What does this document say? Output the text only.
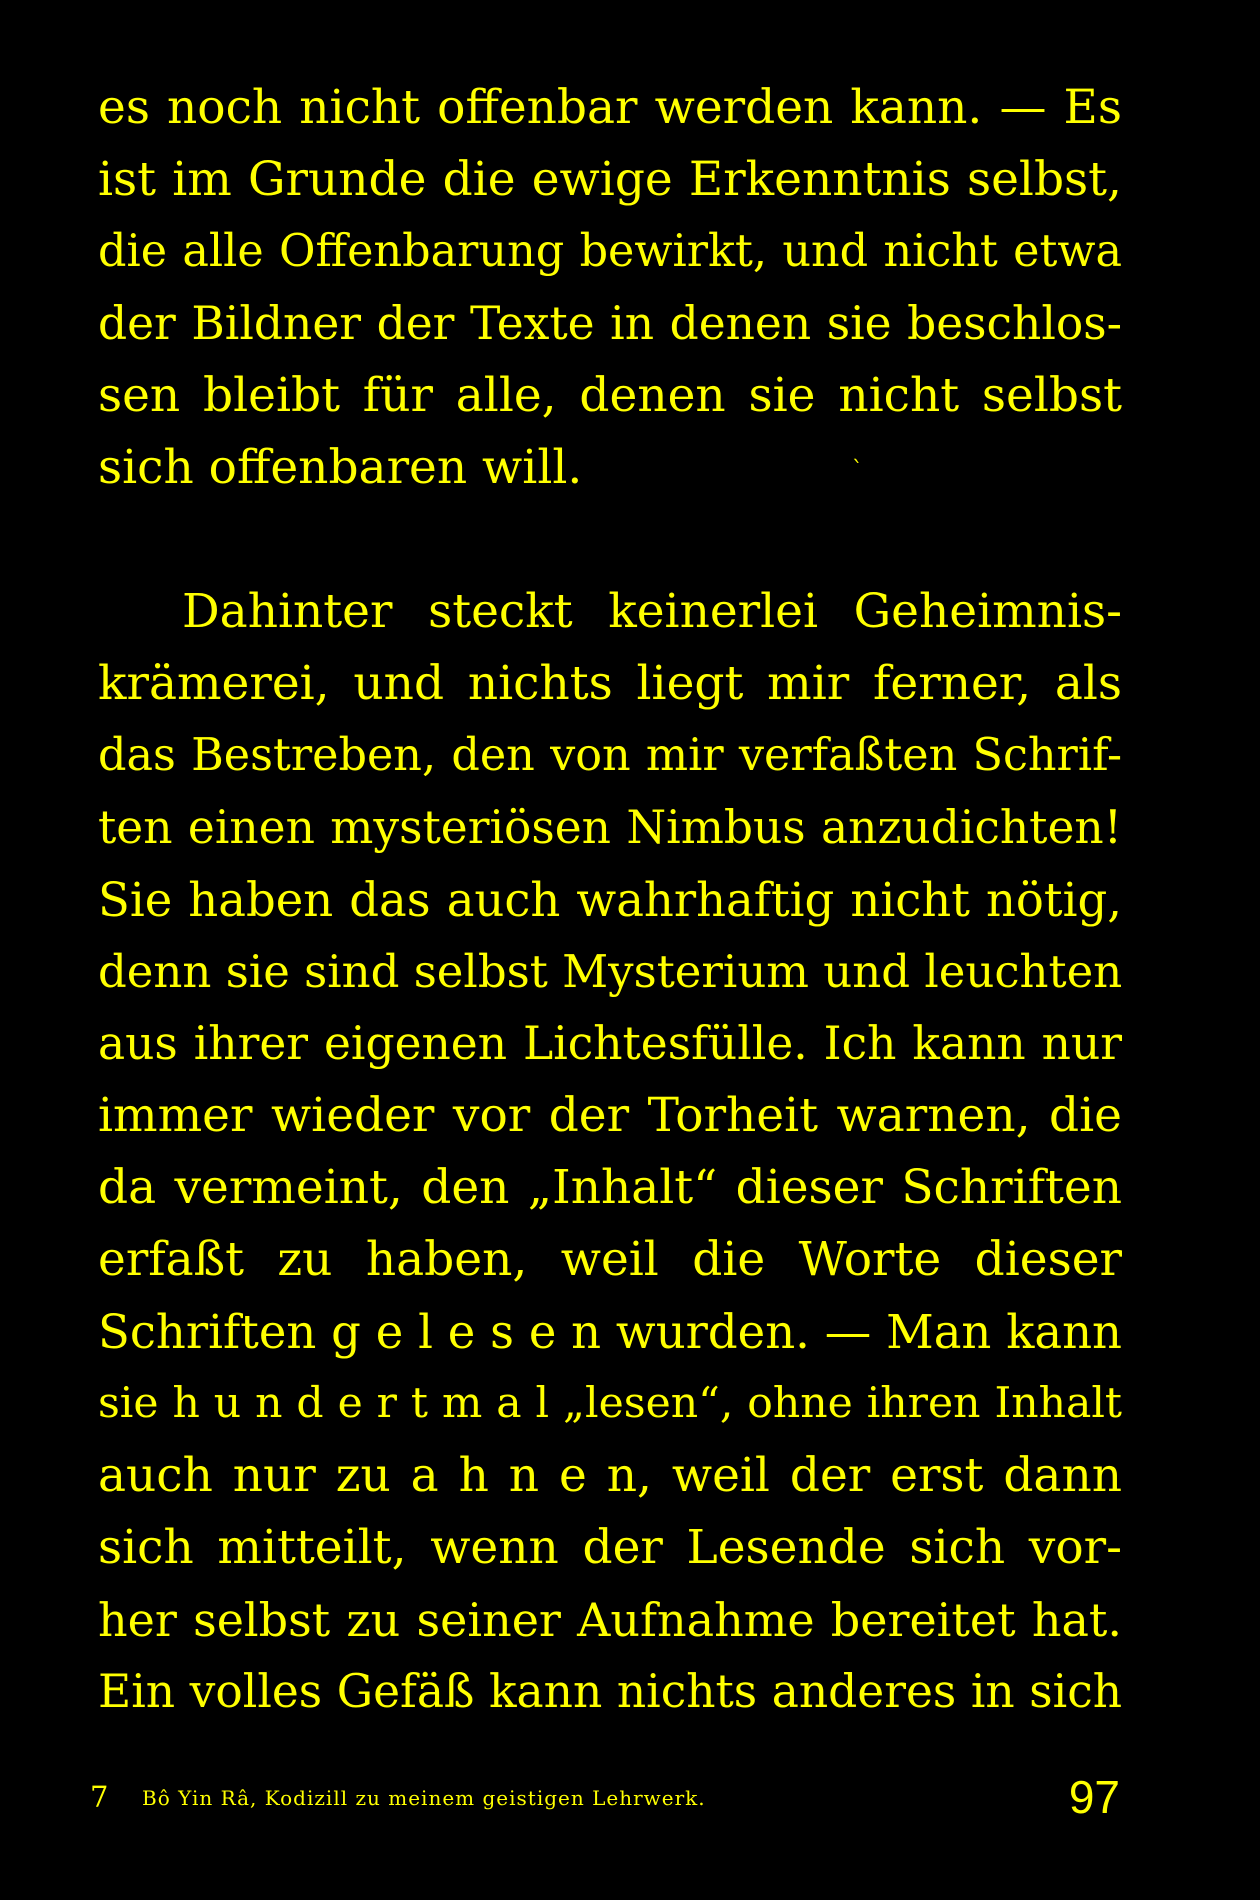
es noch nicht offenbar werden kann. — Es
ist im Grunde die ewige Erkenntnis selbst,
die alle Offenbarung bewirkt, und nicht etwa
der Bildner der Texte in denen sie beschlos-
sen bleibt für alle, denen sie nicht selbst
sich offenbaren will.	`
Dahinter steckt keinerlei Geheimnis-
krämerei, und nichts liegt mir ferner, als
das Bestreben, den von mir verfaßten Schrif-
ten einen mysteriösen Nimbus anzudichten!
Sie haben das auch wahrhaftig nicht nötig,
denn sie sind selbst Mysterium und leuchten
aus ihrer eigenen Lichtesfülle. Ich kann nur
immer wieder vor der Torheit warnen, die
da vermeint, den „Inhalt“ dieser Schriften
erfaßt zu haben, weil die Worte dieser
Schriften g e l e s e n wurden. — Man kann
sie h u n d e r t m a l „lesen“, ohne ihren Inhalt
auch nur zu a h n e n, weil der erst dann
sich mitteilt, wenn der Lesende sich vor-
her selbst zu seiner Aufnahme bereitet hat.
Ein volles Gefäß kann nichts anderes in sich
7 Bô Yin Râ, Kodizill zu meinem geistigen Lehrwerk.	97
